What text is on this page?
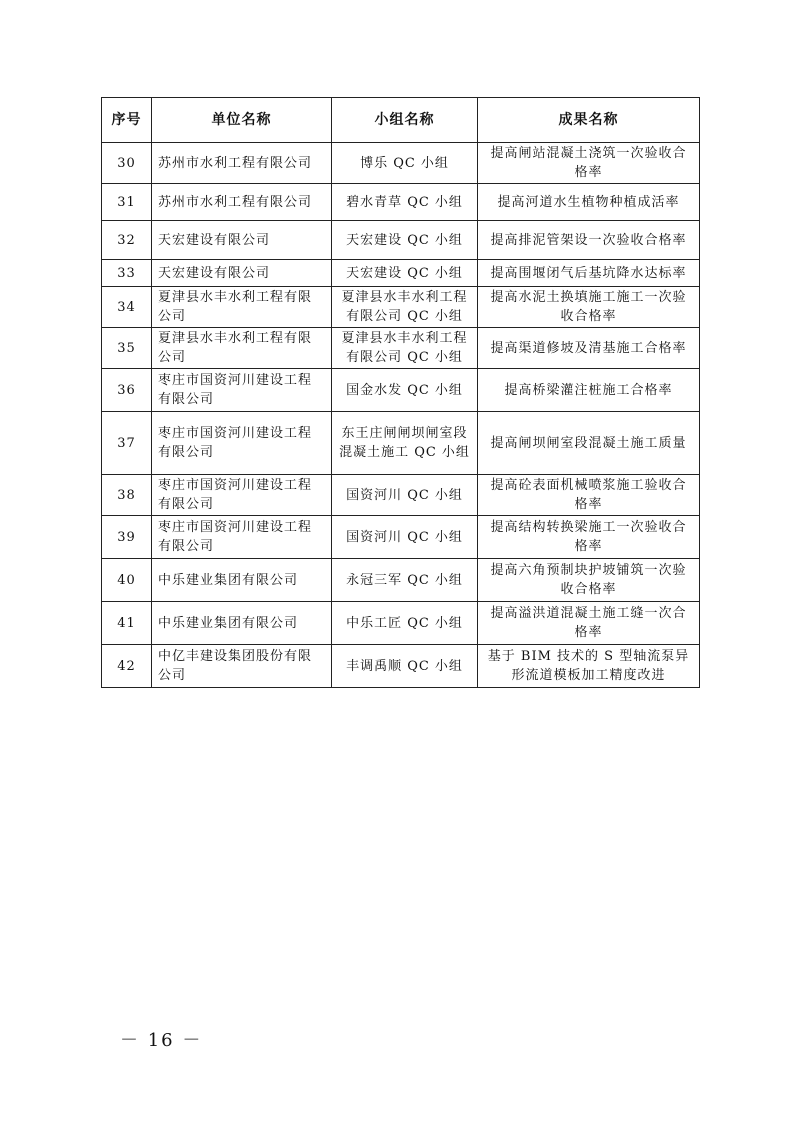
序号	单位名称	小组名称	成果名称
30	苏州市水利工程有限公司	博乐 QC 小组	提高闸站混凝土浇筑一次验收合格率
31	苏州市水利工程有限公司	碧水青草 QC 小组	提高河道水生植物种植成活率
32	天宏建设有限公司	天宏建设 QC 小组	提高排泥管架设一次验收合格率
33	天宏建设有限公司	天宏建设 QC 小组	提高围堰闭气后基坑降水达标率
34	夏津县水丰水利工程有限公司	夏津县水丰水利工程有限公司 QC 小组	提高水泥土换填施工施工一次验收合格率
35	夏津县水丰水利工程有限公司	夏津县水丰水利工程有限公司 QC 小组	提高渠道修坡及清基施工合格率
36	枣庄市国资河川建设工程有限公司	国金水发 QC 小组	提高桥梁灌注桩施工合格率
37	枣庄市国资河川建设工程有限公司	东王庄闸闸坝闸室段混凝土施工 QC 小组	提高闸坝闸室段混凝土施工质量
38	枣庄市国资河川建设工程有限公司	国资河川 QC 小组	提高砼表面机械喷浆施工验收合格率
39	枣庄市国资河川建设工程有限公司	国资河川 QC 小组	提高结构转换梁施工一次验收合格率
40	中乐建业集团有限公司	永冠三军 QC 小组	提高六角预制块护坡铺筑一次验收合格率
41	中乐建业集团有限公司	中乐工匠 QC 小组	提高溢洪道混凝土施工缝一次合格率
42	中亿丰建设集团股份有限公司	丰调禹顺 QC 小组	基于 BIM 技术的 S 型轴流泵异形流道模板加工精度改进
－ 16 －
